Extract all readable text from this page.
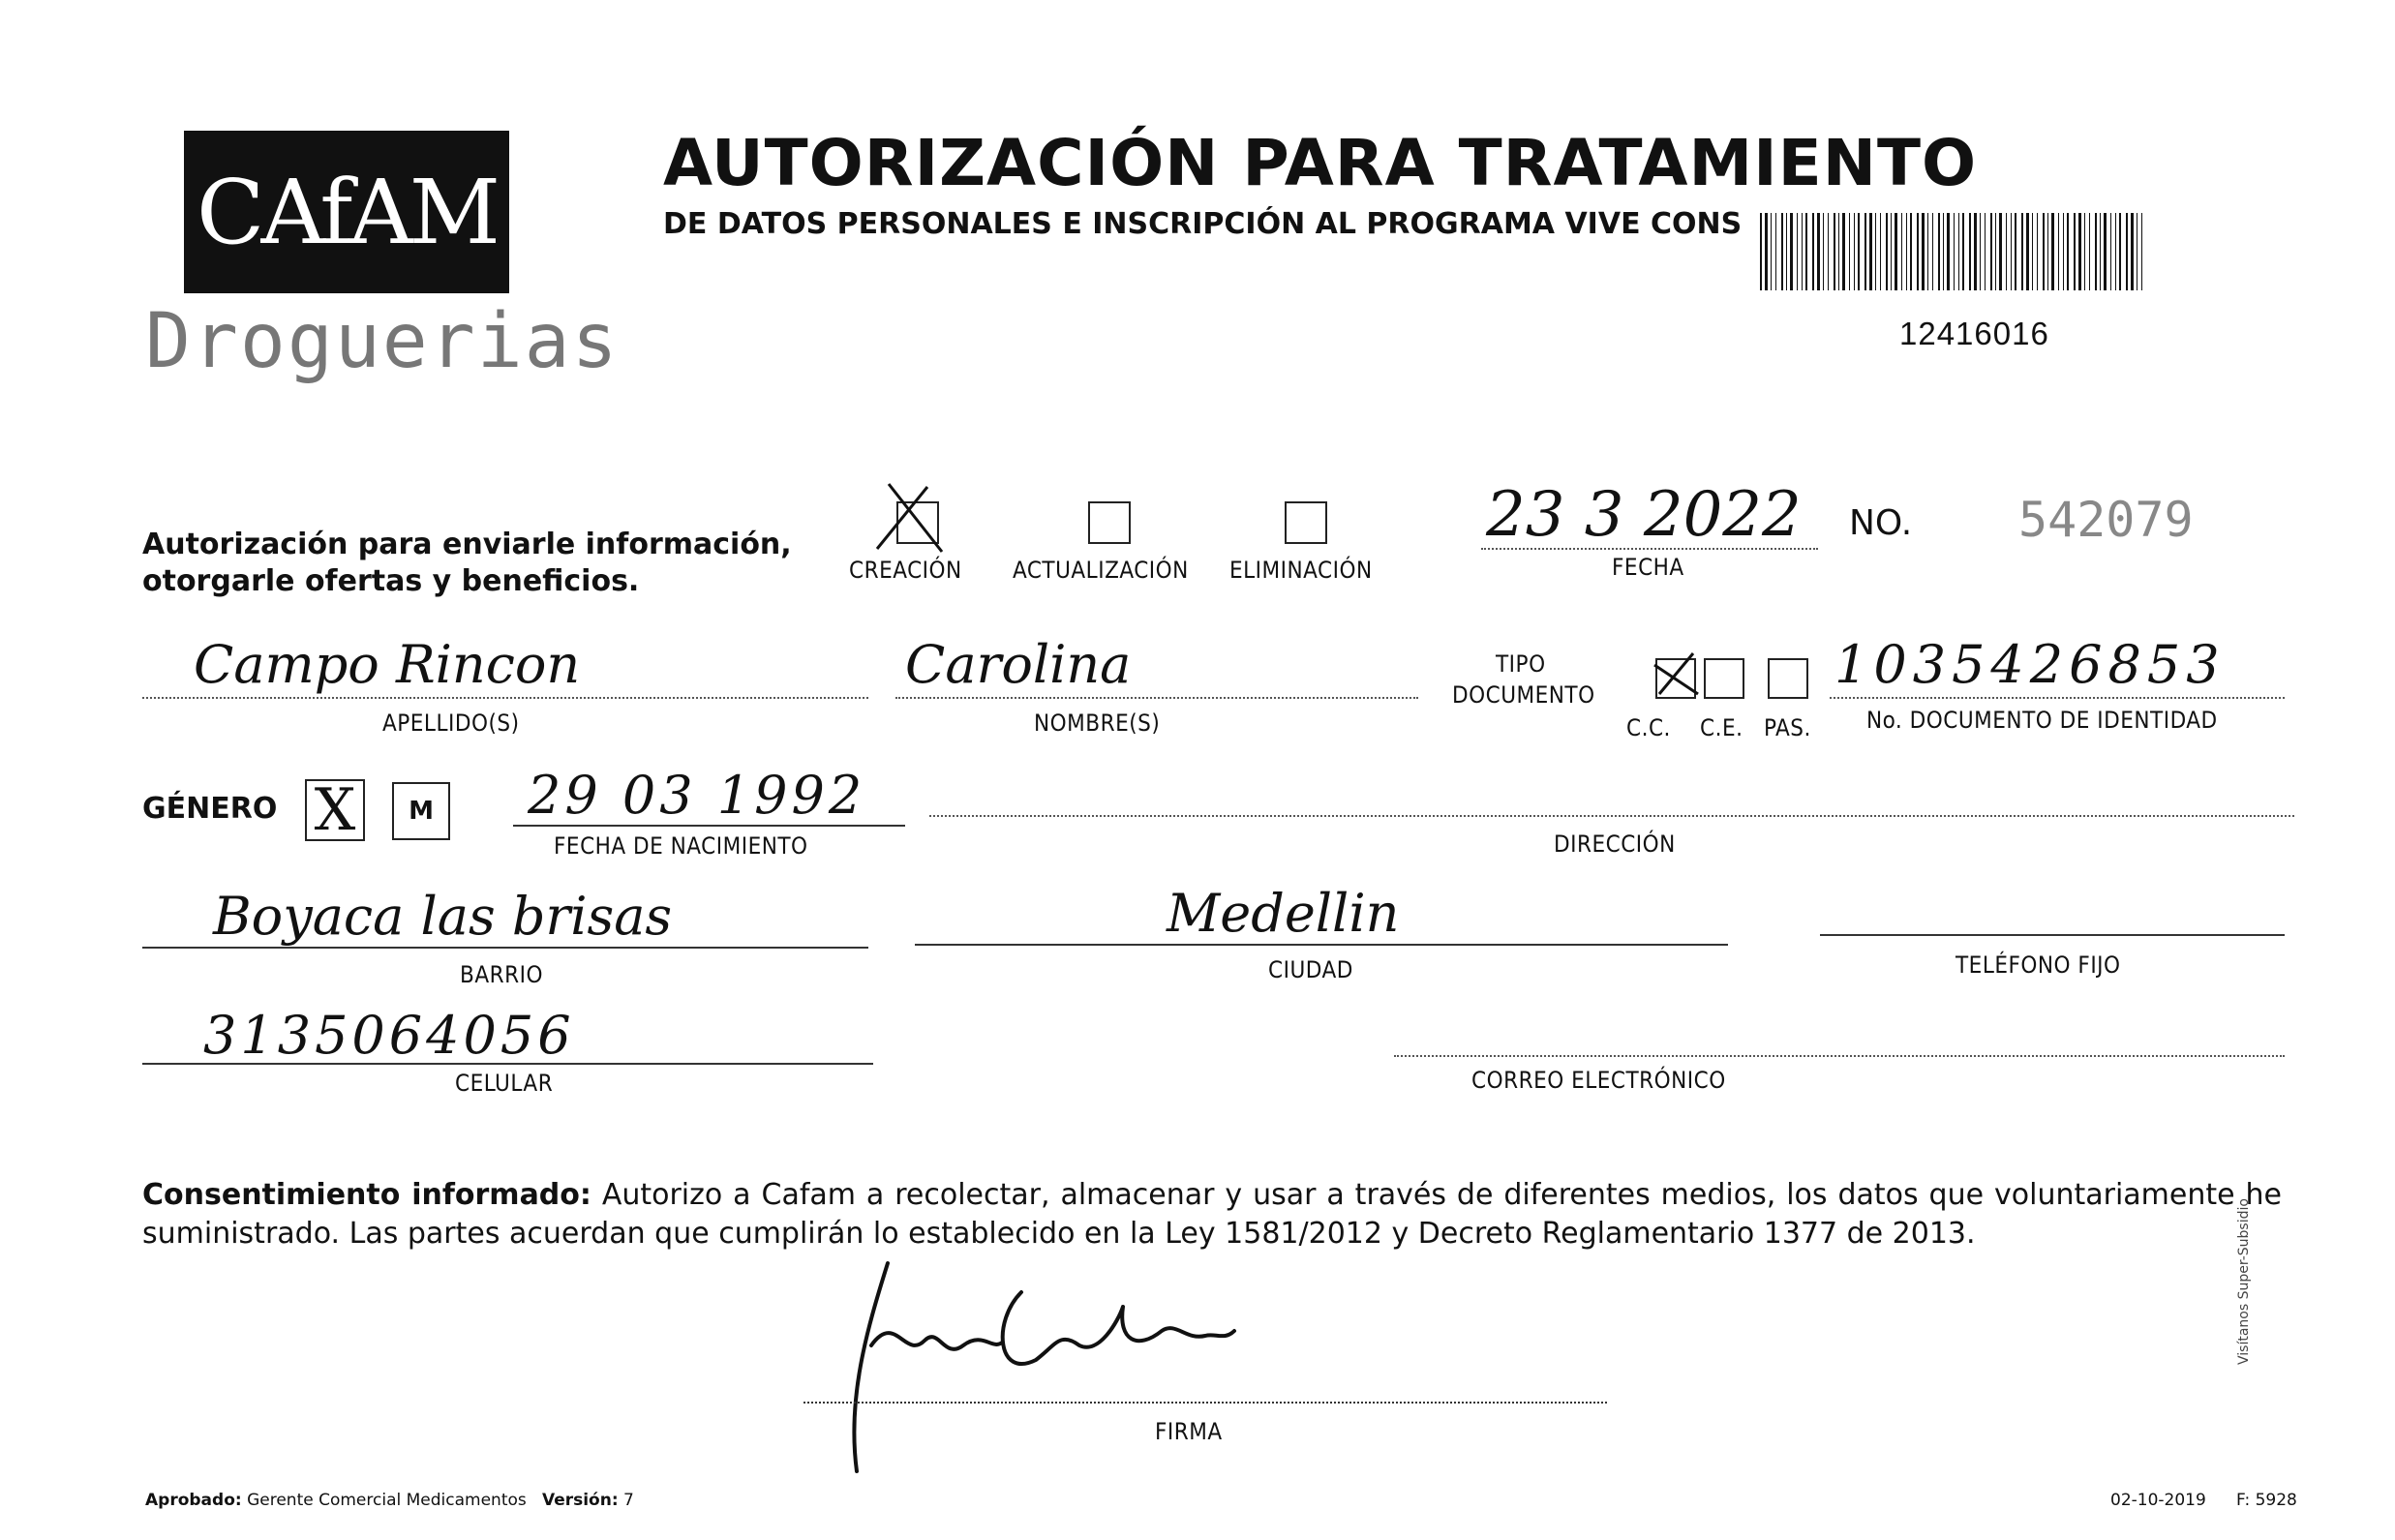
CAfAM
Droguerias
AUTORIZACIÓN PARA TRATAMIENTO
DE DATOS PERSONALES E INSCRIPCIÓN AL PROGRAMA VIVE CONS
12416016
Autorización para enviarle información,
otorgarle ofertas y beneficios.	CREACIÓN ACTUALIZACIÓN ELIMINACIÓN
23 3 2022
FECHA
NO. 542079
Campo Rincon
APELLIDO(S)
Carolina
NOMBRE(S)
TIPO
DOCUMENTO
C.C. C.E. PAS.
1035426853
No. DOCUMENTO DE IDENTIDAD
GÉNERO X M 29 03 1992
FECHA DE NACIMIENTO	DIRECCIÓN
Boyaca las brisas
BARRIO
Medellin
CIUDAD	TELÉFONO FIJO
3135064056
CELULAR	CORREO ELECTRÓNICO
Consentimiento informado: Autorizo a Cafam a recolectar, almacenar y usar a través de diferentes medios, los datos que voluntariamente he suministrado. Las partes acuerdan que cumplirán lo establecido en la Ley 1581/2012 y Decreto Reglamentario 1377 de 2013.
FIRMA
Aprobado: Gerente Comercial Medicamentos Versión: 7	02-10-2019 F: 5928
Visítanos Super-Subsidio
